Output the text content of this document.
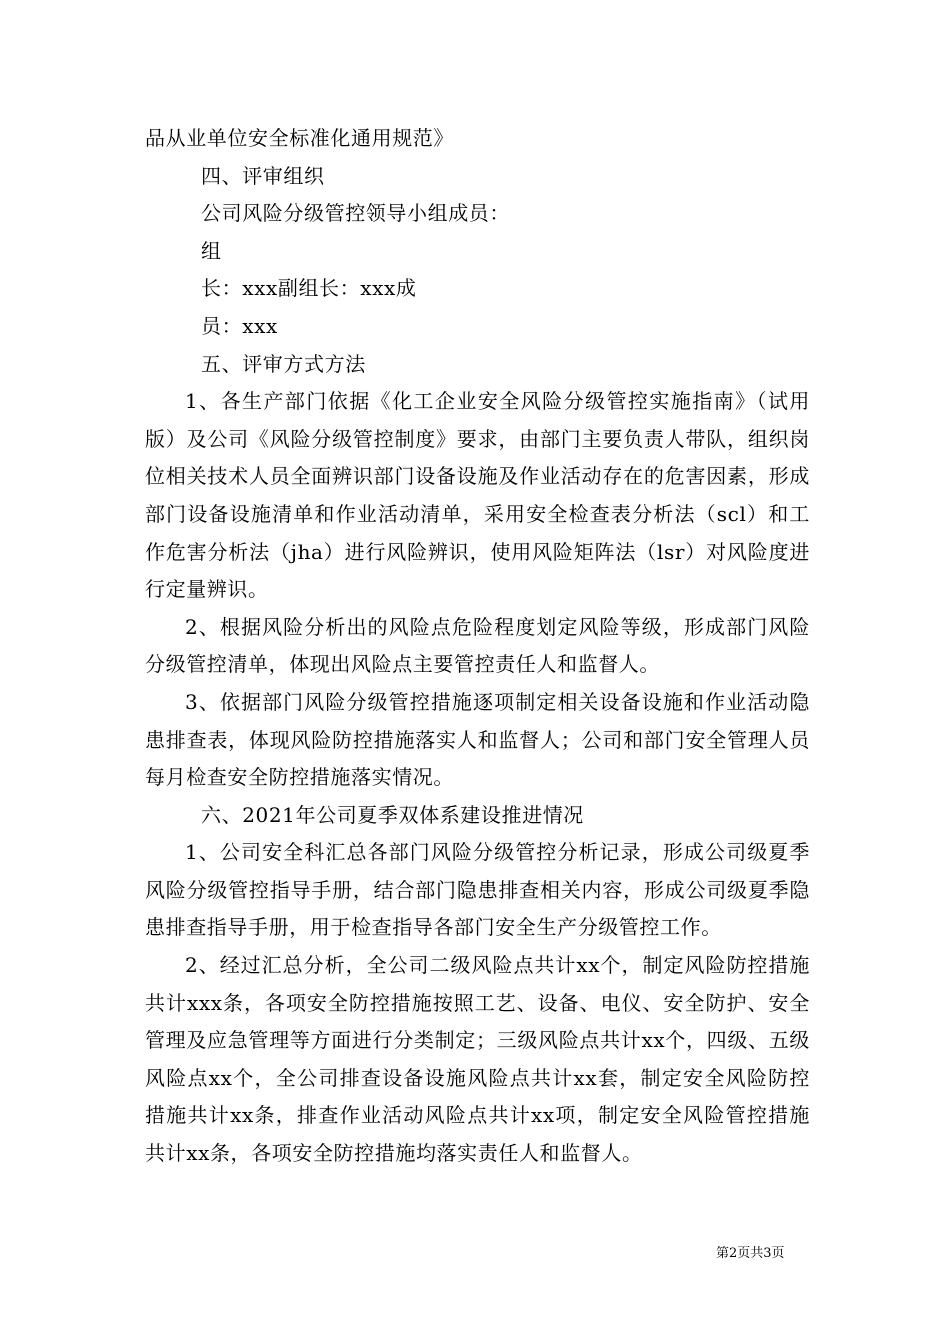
品从业单位安全标准化通用规范》

四、评审组织

公司风险分级管控领导小组成员：

组

长：xxx副组长：xxx成

员：xxx

五、评审方式方法

1、各生产部门依据《化工企业安全风险分级管控实施指南》（试用版）及公司《风险分级管控制度》要求，由部门主要负责人带队，组织岗位相关技术人员全面辨识部门设备设施及作业活动存在的危害因素，形成部门设备设施清单和作业活动清单，采用安全检查表分析法（scl）和工作危害分析法（jha）进行风险辨识，使用风险矩阵法（lsr）对风险度进行定量辨识。

2、根据风险分析出的风险点危险程度划定风险等级，形成部门风险分级管控清单，体现出风险点主要管控责任人和监督人。

3、依据部门风险分级管控措施逐项制定相关设备设施和作业活动隐患排查表，体现风险防控措施落实人和监督人；公司和部门安全管理人员每月检查安全防控措施落实情况。

六、2021年公司夏季双体系建设推进情况

1、公司安全科汇总各部门风险分级管控分析记录，形成公司级夏季风险分级管控指导手册，结合部门隐患排查相关内容，形成公司级夏季隐患排查指导手册，用于检查指导各部门安全生产分级管控工作。

2、经过汇总分析，全公司二级风险点共计xx个，制定风险防控措施共计xxx条，各项安全防控措施按照工艺、设备、电仪、安全防护、安全管理及应急管理等方面进行分类制定；三级风险点共计xx个，四级、五级风险点xx个，全公司排查设备设施风险点共计xx套，制定安全风险防控措施共计xx条，排查作业活动风险点共计xx项，制定安全风险管控措施共计xx条，各项安全防控措施均落实责任人和监督人。

第2页共3页
